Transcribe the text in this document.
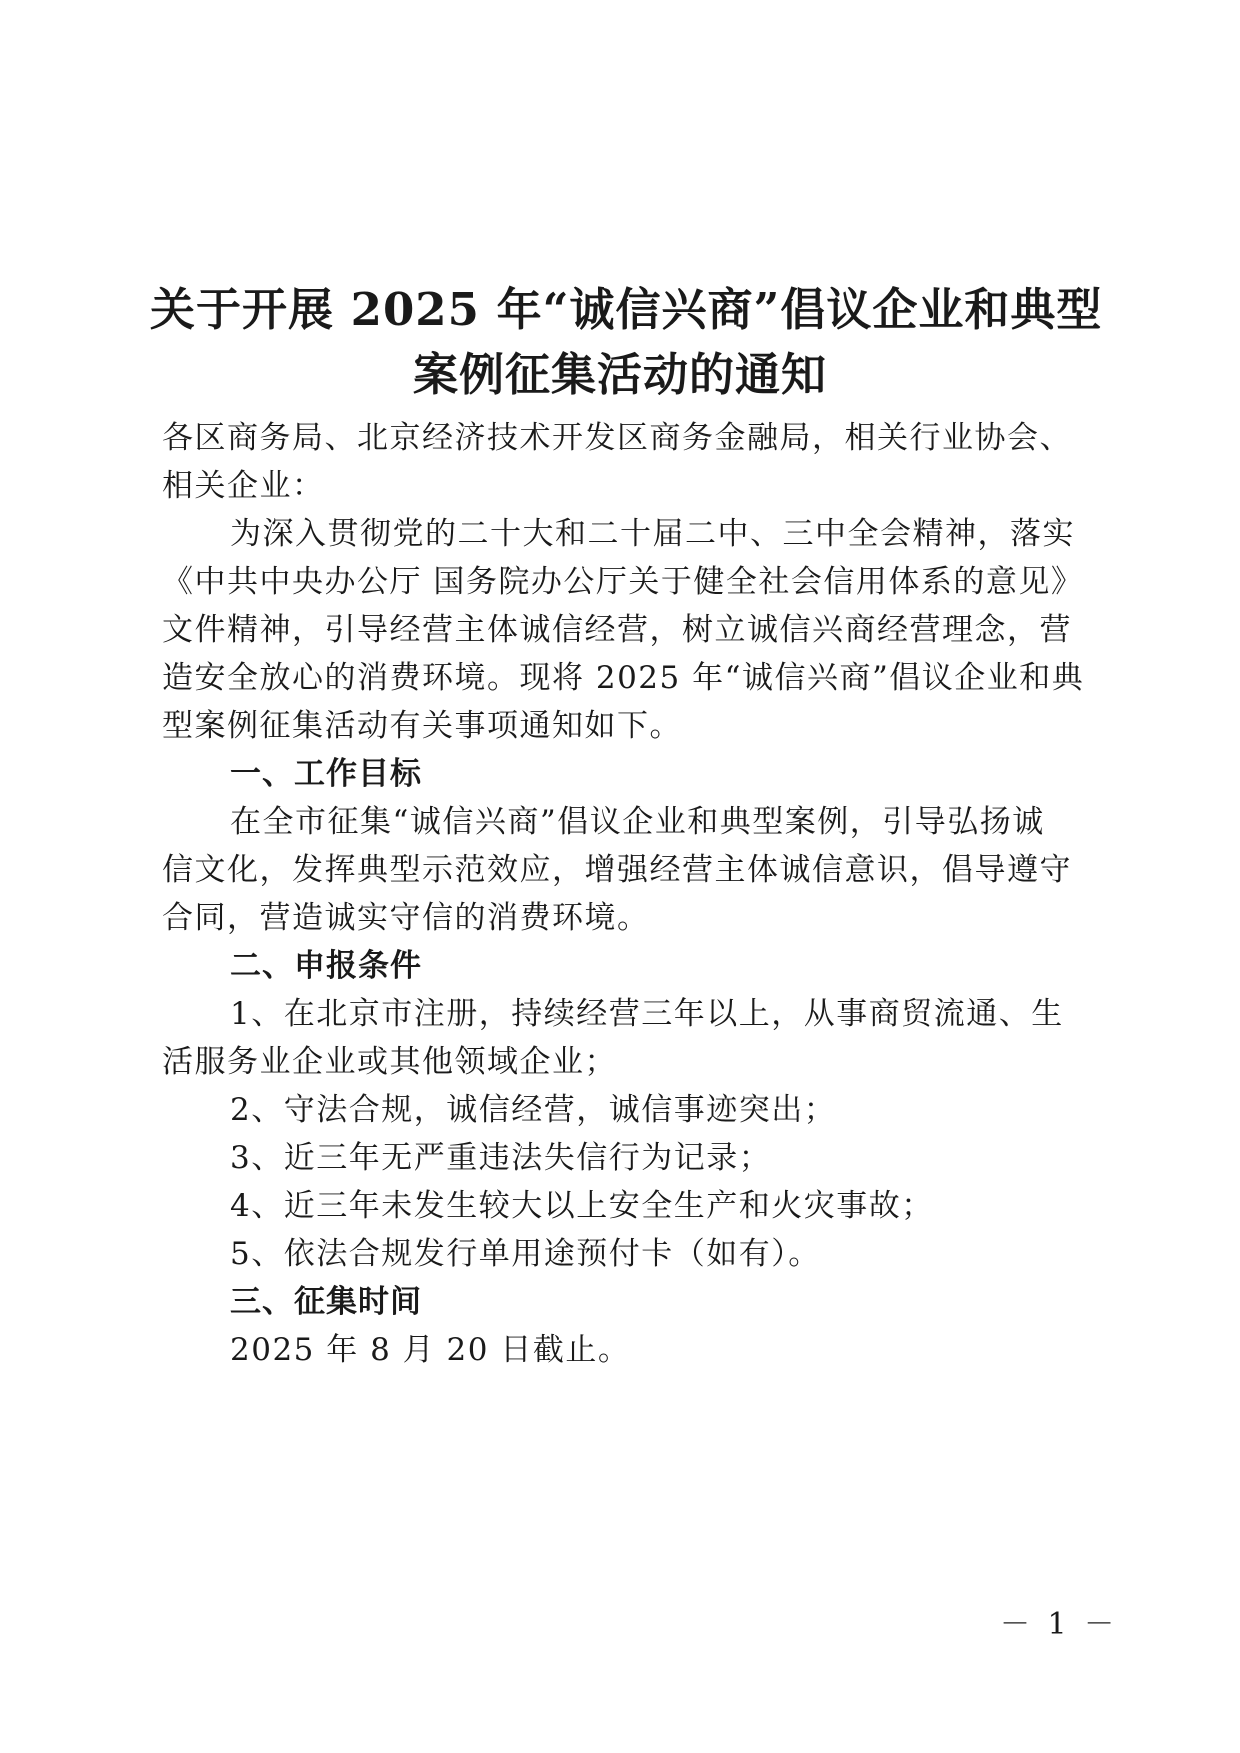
关于开展 2025 年“诚信兴商”倡议企业和典型
案例征集活动的通知
各区商务局、北京经济技术开发区商务金融局，相关行业协会、
相关企业：
为深入贯彻党的二十大和二十届二中、三中全会精神，落实
《中共中央办公厅 国务院办公厅关于健全社会信用体系的意见》
文件精神，引导经营主体诚信经营，树立诚信兴商经营理念，营
造安全放心的消费环境。现将 2025 年“诚信兴商”倡议企业和典
型案例征集活动有关事项通知如下。
一、工作目标
在全市征集“诚信兴商”倡议企业和典型案例，引导弘扬诚
信文化，发挥典型示范效应，增强经营主体诚信意识，倡导遵守
合同，营造诚实守信的消费环境。
二、申报条件
1、在北京市注册，持续经营三年以上，从事商贸流通、生
活服务业企业或其他领域企业；
2、守法合规，诚信经营，诚信事迹突出；
3、近三年无严重违法失信行为记录；
4、近三年未发生较大以上安全生产和火灾事故；
5、依法合规发行单用途预付卡（如有）。
三、征集时间
2025 年 8 月 20 日截止。
－ 1 －
